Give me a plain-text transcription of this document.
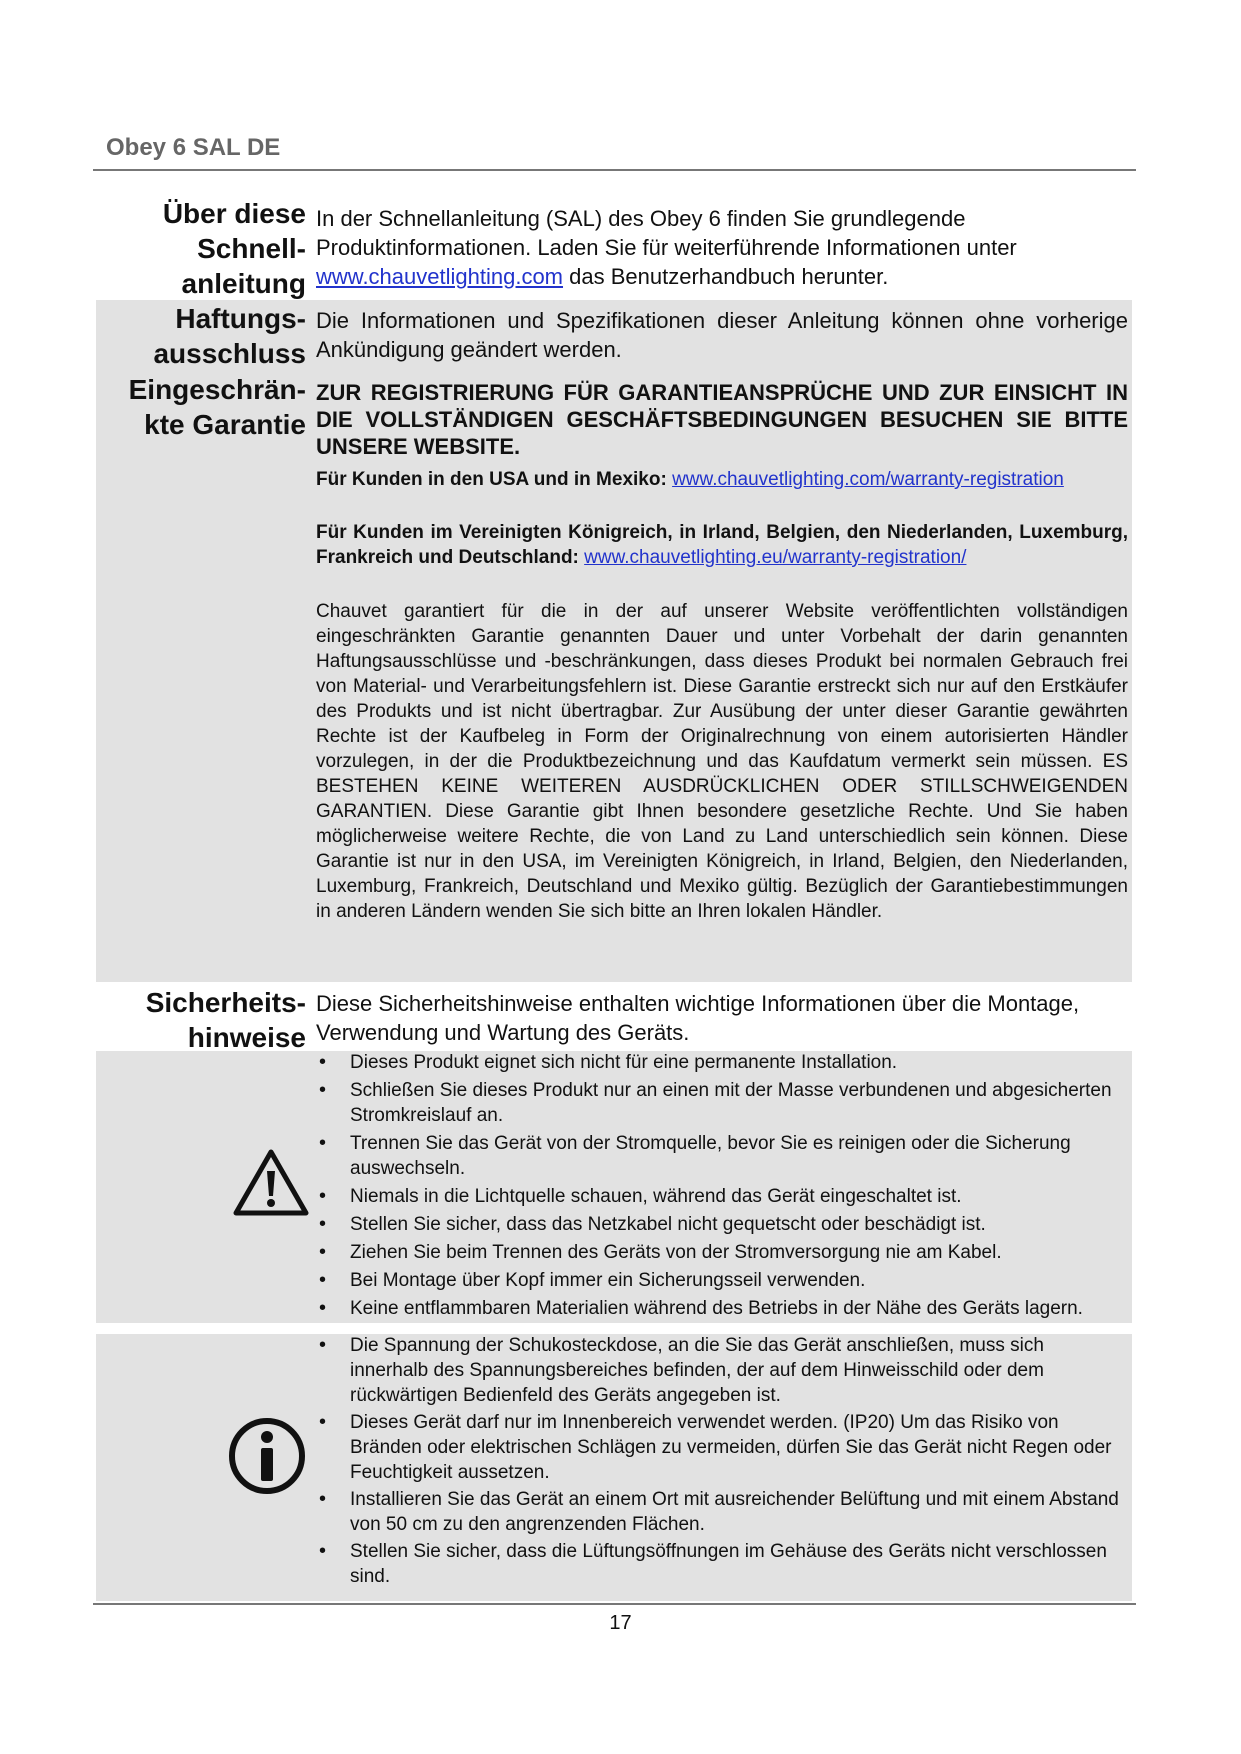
Obey 6 SAL DE
Über diese Schnell-anleitung
In der Schnellanleitung (SAL) des Obey 6 finden Sie grundlegende Produktinformationen. Laden Sie für weiterführende Informationen unter www.chauvetlighting.com das Benutzerhandbuch herunter.
Haftungs-ausschluss
Die Informationen und Spezifikationen dieser Anleitung können ohne vorherige Ankündigung geändert werden.
Eingeschrän-kte Garantie
ZUR REGISTRIERUNG FÜR GARANTIEANSPRÜCHE UND ZUR EINSICHT IN DIE VOLLSTÄNDIGEN GESCHÄFTSBEDINGUNGEN BESUCHEN SIE BITTE UNSERE WEBSITE.
Für Kunden in den USA und in Mexiko: www.chauvetlighting.com/warranty-registration
Für Kunden im Vereinigten Königreich, in Irland, Belgien, den Niederlanden, Luxemburg, Frankreich und Deutschland: www.chauvetlighting.eu/warranty-registration/
Chauvet garantiert für die in der auf unserer Website veröffentlichten vollständigen eingeschränkten Garantie genannten Dauer und unter Vorbehalt der darin genannten Haftungsausschlüsse und -beschränkungen, dass dieses Produkt bei normalen Gebrauch frei von Material- und Verarbeitungsfehlern ist. Diese Garantie erstreckt sich nur auf den Erstkäufer des Produkts und ist nicht übertragbar. Zur Ausübung der unter dieser Garantie gewährten Rechte ist der Kaufbeleg in Form der Originalrechnung von einem autorisierten Händler vorzulegen, in der die Produktbezeichnung und das Kaufdatum vermerkt sein müssen. ES BESTEHEN KEINE WEITEREN AUSDRÜCKLICHEN ODER STILLSCHWEIGENDEN GARANTIEN. Diese Garantie gibt Ihnen besondere gesetzliche Rechte. Und Sie haben möglicherweise weitere Rechte, die von Land zu Land unterschiedlich sein können. Diese Garantie ist nur in den USA, im Vereinigten Königreich, in Irland, Belgien, den Niederlanden, Luxemburg, Frankreich, Deutschland und Mexiko gültig. Bezüglich der Garantiebestimmungen in anderen Ländern wenden Sie sich bitte an Ihren lokalen Händler.
Sicherheits-hinweise
Diese Sicherheitshinweise enthalten wichtige Informationen über die Montage, Verwendung und Wartung des Geräts.
• Dieses Produkt eignet sich nicht für eine permanente Installation.
• Schließen Sie dieses Produkt nur an einen mit der Masse verbundenen und abgesicherten Stromkreislauf an.
• Trennen Sie das Gerät von der Stromquelle, bevor Sie es reinigen oder die Sicherung auswechseln.
• Niemals in die Lichtquelle schauen, während das Gerät eingeschaltet ist.
• Stellen Sie sicher, dass das Netzkabel nicht gequetscht oder beschädigt ist.
• Ziehen Sie beim Trennen des Geräts von der Stromversorgung nie am Kabel.
• Bei Montage über Kopf immer ein Sicherungsseil verwenden.
• Keine entflammbaren Materialien während des Betriebs in der Nähe des Geräts lagern.
• Die Spannung der Schukosteckdose, an die Sie das Gerät anschließen, muss sich innerhalb des Spannungsbereiches befinden, der auf dem Hinweisschild oder dem rückwärtigen Bedienfeld des Geräts angegeben ist.
• Dieses Gerät darf nur im Innenbereich verwendet werden. (IP20) Um das Risiko von Bränden oder elektrischen Schlägen zu vermeiden, dürfen Sie das Gerät nicht Regen oder Feuchtigkeit aussetzen.
• Installieren Sie das Gerät an einem Ort mit ausreichender Belüftung und mit einem Abstand von 50 cm zu den angrenzenden Flächen.
• Stellen Sie sicher, dass die Lüftungsöffnungen im Gehäuse des Geräts nicht verschlossen sind.
17
